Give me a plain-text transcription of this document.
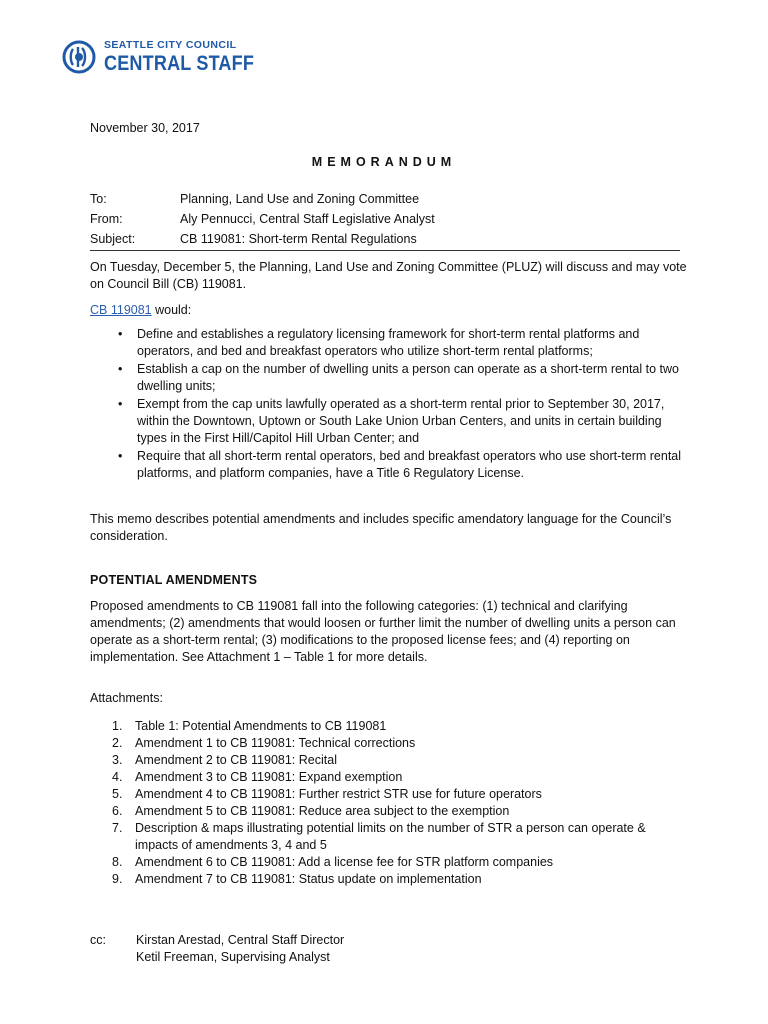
SEATTLE CITY COUNCIL
CENTRAL STAFF
November 30, 2017
MEMORANDUM
To:	Planning, Land Use and Zoning Committee
From:	Aly Pennucci, Central Staff Legislative Analyst
Subject:	CB 119081: Short-term Rental Regulations
On Tuesday, December 5, the Planning, Land Use and Zoning Committee (PLUZ) will discuss and may vote on Council Bill (CB) 119081.
CB 119081 would:
• Define and establishes a regulatory licensing framework for short-term rental platforms and operators, and bed and breakfast operators who utilize short-term rental platforms;
• Establish a cap on the number of dwelling units a person can operate as a short-term rental to two dwelling units;
• Exempt from the cap units lawfully operated as a short-term rental prior to September 30, 2017, within the Downtown, Uptown or South Lake Union Urban Centers, and units in certain building types in the First Hill/Capitol Hill Urban Center; and
• Require that all short-term rental operators, bed and breakfast operators who use short-term rental platforms, and platform companies, have a Title 6 Regulatory License.
This memo describes potential amendments and includes specific amendatory language for the Council’s consideration.
POTENTIAL AMENDMENTS
Proposed amendments to CB 119081 fall into the following categories: (1) technical and clarifying amendments; (2) amendments that would loosen or further limit the number of dwelling units a person can operate as a short-term rental; (3) modifications to the proposed license fees; and (4) reporting on implementation. See Attachment 1 – Table 1 for more details.
Attachments:
1. Table 1: Potential Amendments to CB 119081
2. Amendment 1 to CB 119081: Technical corrections
3. Amendment 2 to CB 119081: Recital
4. Amendment 3 to CB 119081: Expand exemption
5. Amendment 4 to CB 119081: Further restrict STR use for future operators
6. Amendment 5 to CB 119081: Reduce area subject to the exemption
7. Description & maps illustrating potential limits on the number of STR a person can operate & impacts of amendments 3, 4 and 5
8. Amendment 6 to CB 119081: Add a license fee for STR platform companies
9. Amendment 7 to CB 119081: Status update on implementation
cc: Kirstan Arestad, Central Staff Director
Ketil Freeman, Supervising Analyst
